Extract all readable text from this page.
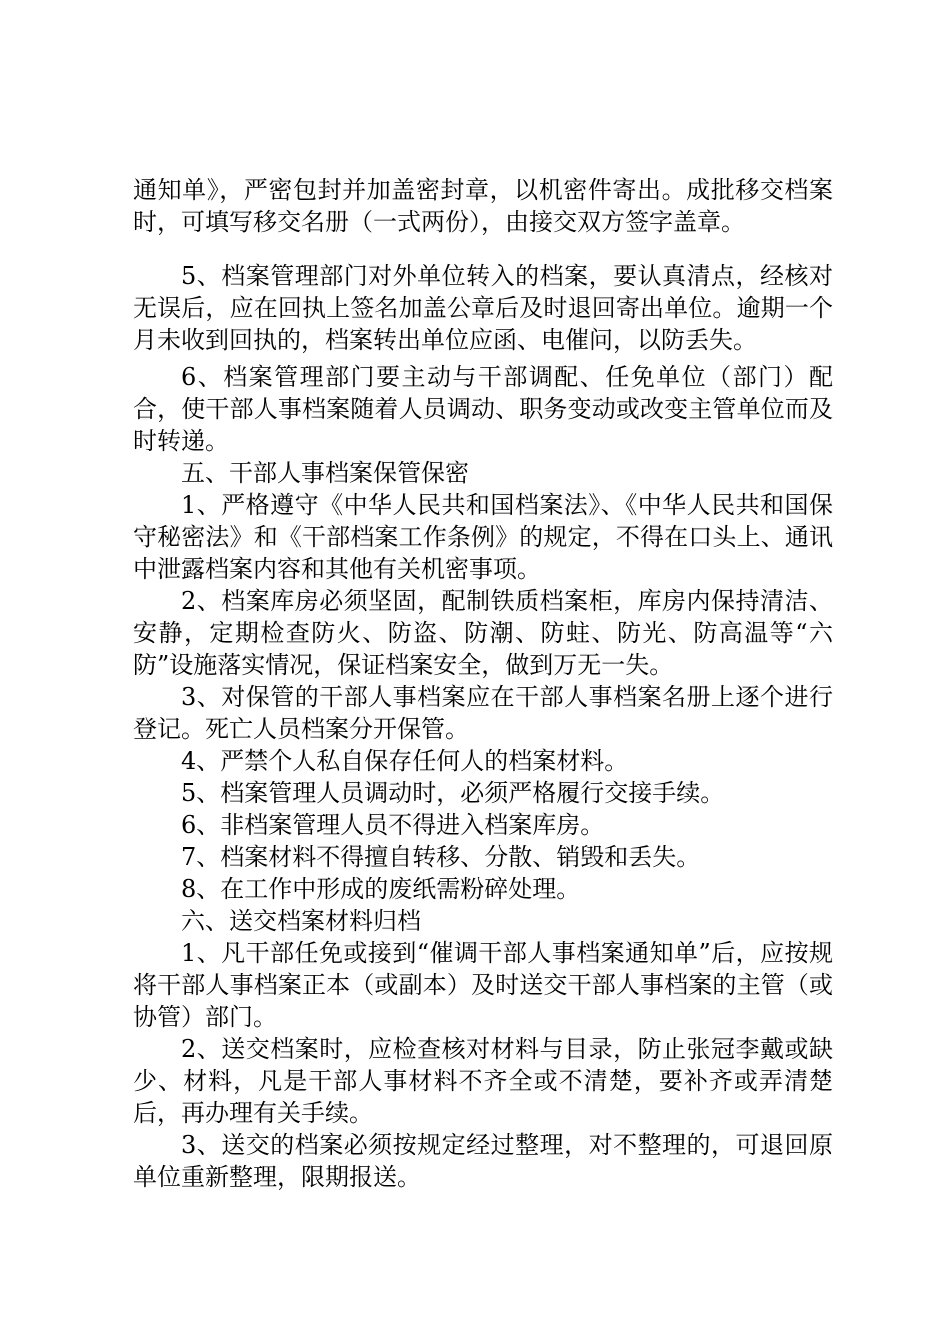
通知单》，严密包封并加盖密封章，以机密件寄出。成批移交档案时，可填写移交名册（一式两份），由接交双方签字盖章。

5、档案管理部门对外单位转入的档案，要认真清点，经核对无误后，应在回执上签名加盖公章后及时退回寄出单位。逾期一个月未收到回执的，档案转出单位应函、电催问，以防丢失。

6、档案管理部门要主动与干部调配、任免单位（部门）配合，使干部人事档案随着人员调动、职务变动或改变主管单位而及时转递。

五、干部人事档案保管保密

1、严格遵守《中华人民共和国档案法》、《中华人民共和国保守秘密法》和《干部档案工作条例》的规定，不得在口头上、通讯中泄露档案内容和其他有关机密事项。

2、档案库房必须坚固，配制铁质档案柜，库房内保持清洁、安静，定期检查防火、防盗、防潮、防蛀、防光、防高温等“六防”设施落实情况，保证档案安全，做到万无一失。

3、对保管的干部人事档案应在干部人事档案名册上逐个进行登记。死亡人员档案分开保管。

4、严禁个人私自保存任何人的档案材料。

5、档案管理人员调动时，必须严格履行交接手续。

6、非档案管理人员不得进入档案库房。

7、档案材料不得擅自转移、分散、销毁和丢失。

8、在工作中形成的废纸需粉碎处理。

六、送交档案材料归档

1、凡干部任免或接到“催调干部人事档案通知单”后，应按规将干部人事档案正本（或副本）及时送交干部人事档案的主管（或协管）部门。

2、送交档案时，应检查核对材料与目录，防止张冠李戴或缺少、材料，凡是干部人事材料不齐全或不清楚，要补齐或弄清楚后，再办理有关手续。

3、送交的档案必须按规定经过整理，对不整理的，可退回原单位重新整理，限期报送。
